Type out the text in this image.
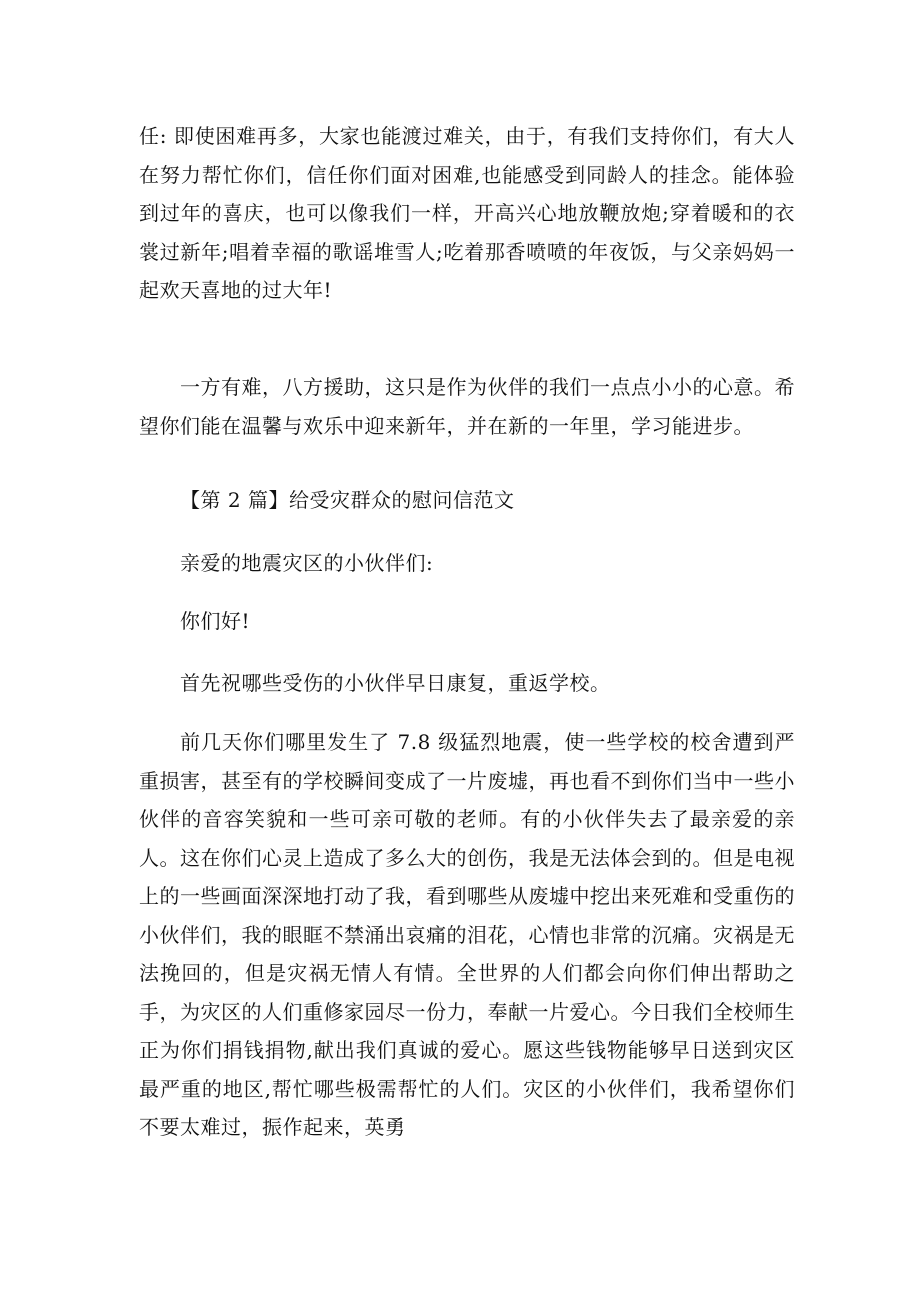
任: 即使困难再多，大家也能渡过难关，由于，有我们支持你们，有大人在努力帮忙你们，信任你们面对困难,也能感受到同龄人的挂念。能体验到过年的喜庆，也可以像我们一样，开高兴心地放鞭放炮;穿着暖和的衣裳过新年;唱着幸福的歌谣堆雪人;吃着那香喷喷的年夜饭，与父亲妈妈一起欢天喜地的过大年!

一方有难，八方援助，这只是作为伙伴的我们一点点小小的心意。希望你们能在温馨与欢乐中迎来新年，并在新的一年里，学习能进步。

【第 2 篇】给受灾群众的慰问信范文

亲爱的地震灾区的小伙伴们:

你们好!

首先祝哪些受伤的小伙伴早日康复，重返学校。

前几天你们哪里发生了 7.8 级猛烈地震，使一些学校的校舍遭到严重损害，甚至有的学校瞬间变成了一片废墟，再也看不到你们当中一些小伙伴的音容笑貌和一些可亲可敬的老师。有的小伙伴失去了最亲爱的亲人。这在你们心灵上造成了多么大的创伤，我是无法体会到的。但是电视上的一些画面深深地打动了我，看到哪些从废墟中挖出来死难和受重伤的小伙伴们，我的眼眶不禁涌出哀痛的泪花，心情也非常的沉痛。灾祸是无法挽回的，但是灾祸无情人有情。全世界的人们都会向你们伸出帮助之手，为灾区的人们重修家园尽一份力，奉献一片爱心。今日我们全校师生正为你们捐钱捐物,献出我们真诚的爱心。愿这些钱物能够早日送到灾区最严重的地区,帮忙哪些极需帮忙的人们。灾区的小伙伴们，我希望你们不要太难过，振作起来，英勇
